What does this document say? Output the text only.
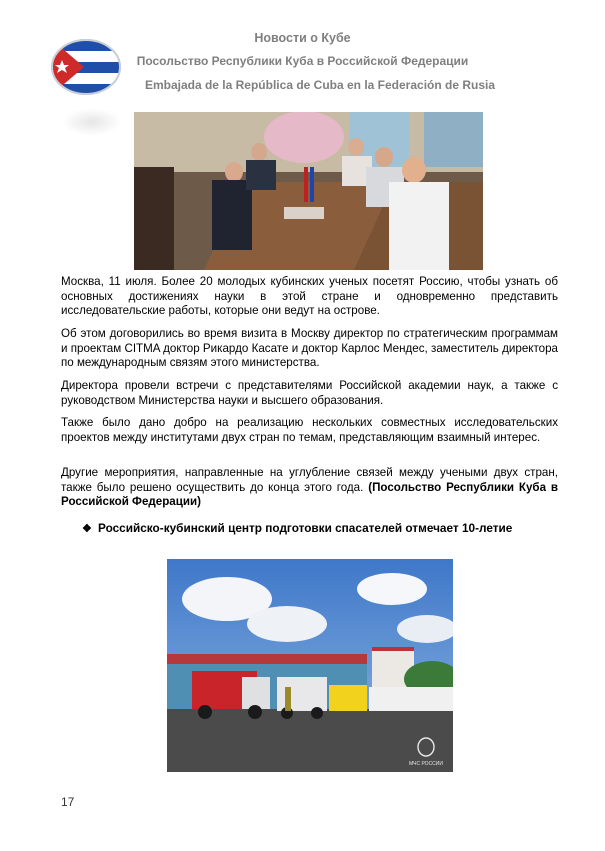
Новости о Кубе
Посольство Республики Куба в Российской Федерации
Embajada de la República de Cuba en la Federación de Rusia

Москва, 11 июля. Более 20 молодых кубинских ученых посетят Россию, чтобы узнать об основных достижениях науки в этой стране и одновременно представить исследовательские работы, которые они ведут на острове.

Об этом договорились во время визита в Москву директор по стратегическим программам и проектам CITMA доктор Рикардо Касате и доктор Карлос Мендес, заместитель директора по международным связям этого министерства.

Директора провели встречи с представителями Российской академии наук, а также с руководством Министерства науки и высшего образования.

Также было дано добро на реализацию нескольких совместных исследовательских проектов между институтами двух стран по темам, представляющим взаимный интерес.

Другие мероприятия, направленные на углубление связей между учеными двух стран, также было решено осуществить до конца этого года. (Посольство Республики Куба в Российской Федерации)

❖ Российско-кубинский центр подготовки спасателей отмечает 10-летие
МЧС РОССИИ
17
